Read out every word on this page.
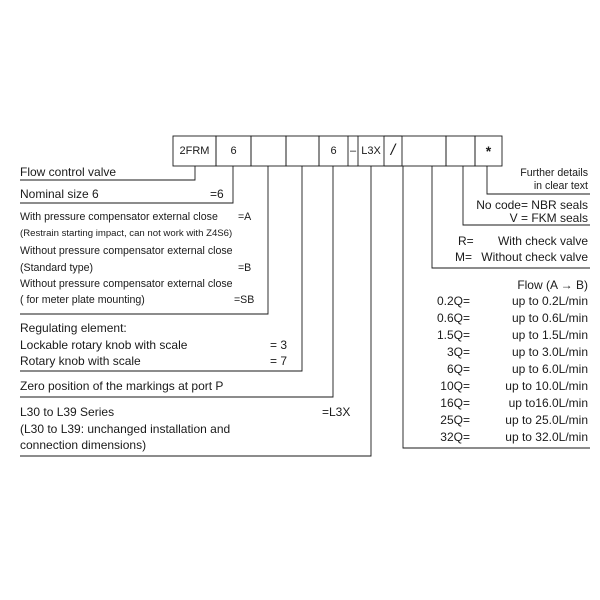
2FRM	6	6	– L3X /	*
Flow control valve
Nominal size 6	=6
With pressure compensator external close =A
(Restrain starting impact, can not work with Z4S6)
Without pressure compensator external close
(Standard type)	=B
Without pressure compensator external close
( for meter plate mounting)	=SB
Regulating element:
Lockable rotary knob with scale	= 3
Rotary knob with scale	= 7
Zero position of the markings at port P
L30 to L39 Series	=L3X
(L30 to L39: unchanged installation and
connection dimensions)
Further details
in clear text
No code= NBR seals
V = FKM seals
R= With check valve
M= Without check valve
Flow (A → B)
0.2Q=	up to 0.2L/min
0.6Q=	up to 0.6L/min
1.5Q=	up to 1.5L/min
3Q=	up to 3.0L/min
6Q=	up to 6.0L/min
10Q=	up to 10.0L/min
16Q=	up to16.0L/min
25Q=	up to 25.0L/min
32Q=	up to 32.0L/min
